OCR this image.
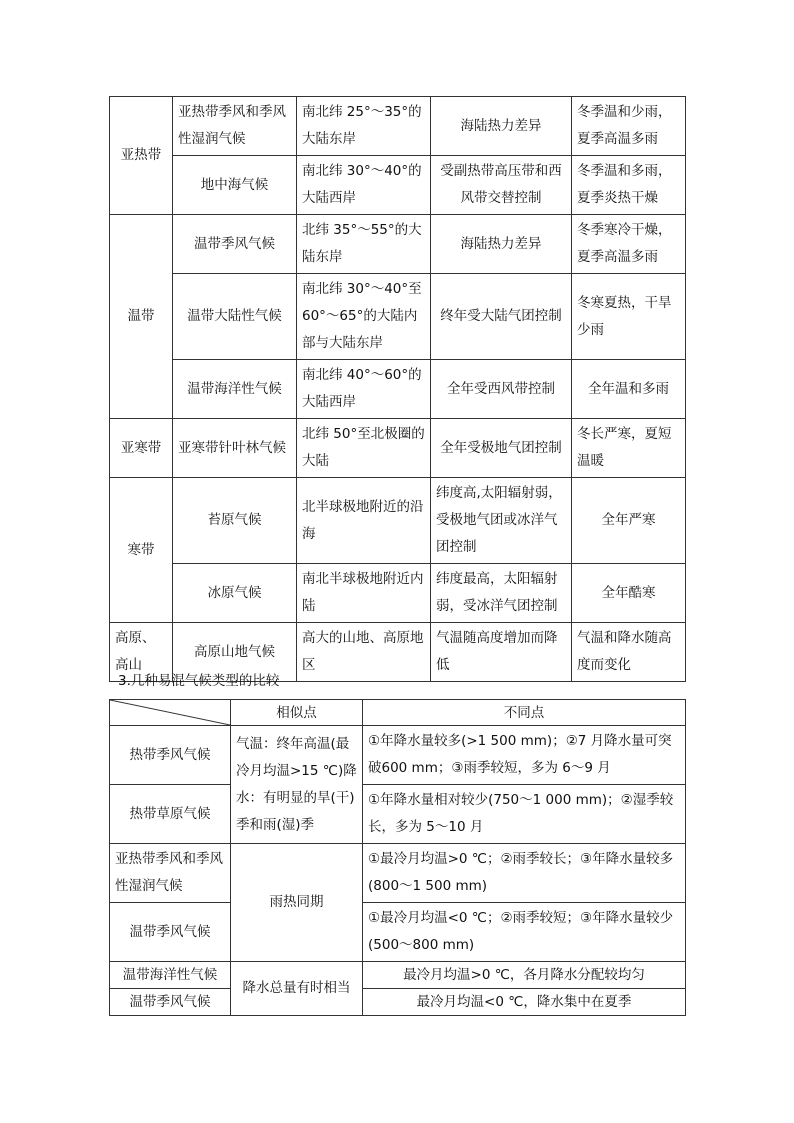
亚热带	亚热带季风和季风性湿润气候	南北纬 25°～35°的大陆东岸	海陆热力差异	冬季温和少雨，夏季高温多雨
	地中海气候	南北纬 30°～40°的大陆西岸	受副热带高压带和西风带交替控制	冬季温和多雨，夏季炎热干燥
温带	温带季风气候	北纬 35°～55°的大陆东岸	海陆热力差异	冬季寒冷干燥，夏季高温多雨
	温带大陆性气候	南北纬 30°～40°至60°～65°的大陆内部与大陆东岸	终年受大陆气团控制	冬寒夏热，干旱少雨
	温带海洋性气候	南北纬 40°～60°的大陆西岸	全年受西风带控制	全年温和多雨
亚寒带	亚寒带针叶林气候	北纬 50°至北极圈的大陆	全年受极地气团控制	冬长严寒，夏短温暖
寒带	苔原气候	北半球极地附近的沿海	纬度高,太阳辐射弱，受极地气团或冰洋气团控制	全年严寒
	冰原气候	南北半球极地附近内陆	纬度最高，太阳辐射弱，受冰洋气团控制	全年酷寒
高原、高山	高原山地气候	高大的山地、高原地区	气温随高度增加而降低	气温和降水随高度而变化
3.几种易混气候类型的比较
	相似点	不同点
热带季风气候	气温：终年高温(最冷月均温>15 ℃)降水：有明显的旱(干)季和雨(湿)季	①年降水量较多(>1 500 mm)；②7 月降水量可突破600 mm；③雨季较短，多为 6～9 月
热带草原气候		①年降水量相对较少(750～1 000 mm)；②湿季较长，多为 5～10 月
亚热带季风和季风性湿润气候	雨热同期	①最冷月均温>0 ℃；②雨季较长；③年降水量较多(800～1 500 mm)
温带季风气候		①最冷月均温<0 ℃；②雨季较短；③年降水量较少(500～800 mm)
温带海洋性气候	降水总量有时相当	最冷月均温>0 ℃，各月降水分配较均匀
温带季风气候		最冷月均温<0 ℃，降水集中在夏季
